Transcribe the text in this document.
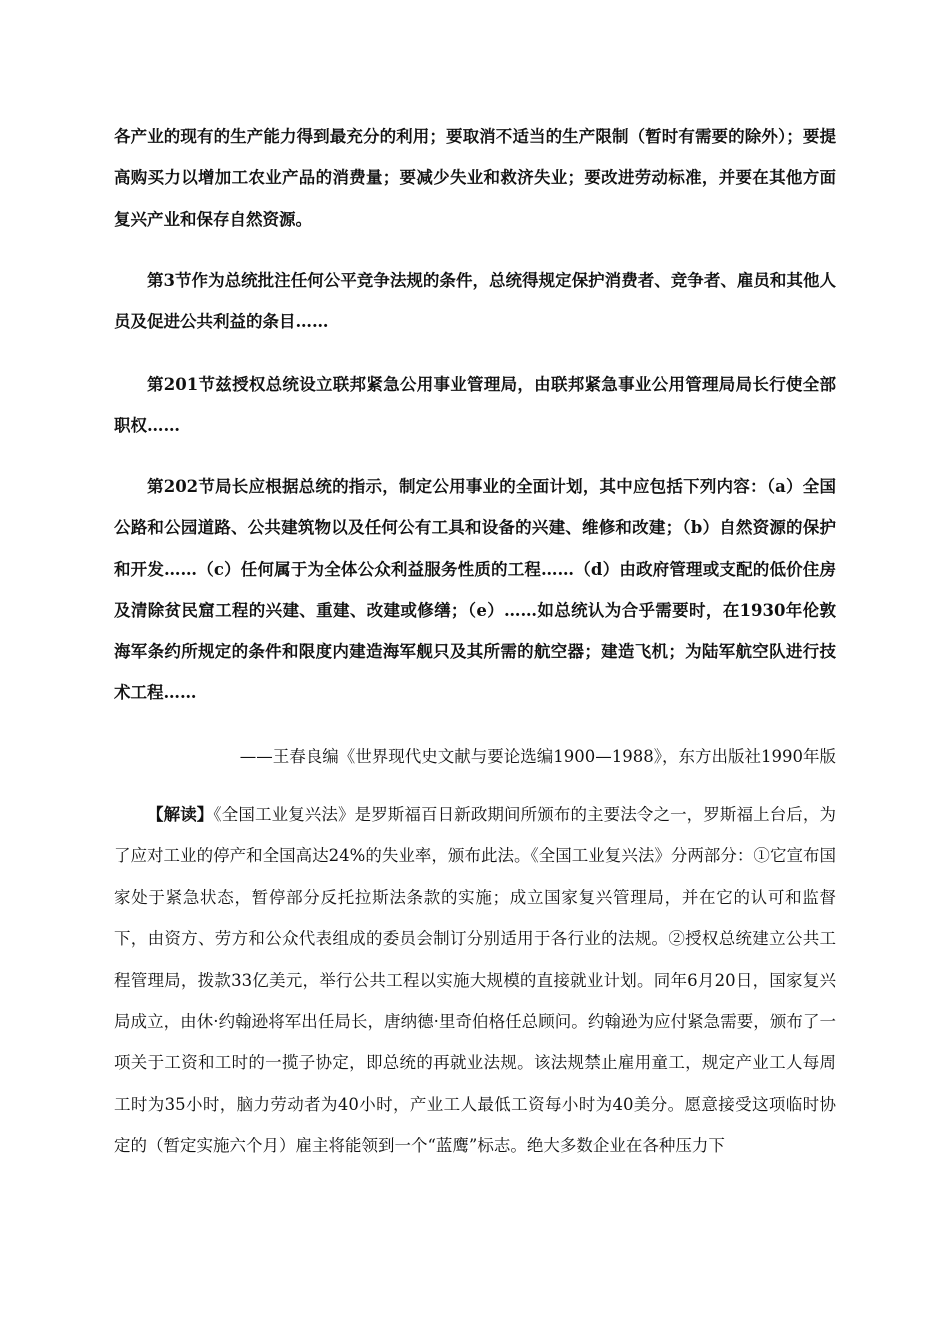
各产业的现有的生产能力得到最充分的利用；要取消不适当的生产限制（暂时有需要的除外）；要提高购买力以增加工农业产品的消费量；要减少失业和救济失业；要改进劳动标准，并要在其他方面复兴产业和保存自然资源。

第3节作为总统批注任何公平竞争法规的条件，总统得规定保护消费者、竞争者、雇员和其他人员及促进公共利益的条目……

第201节兹授权总统设立联邦紧急公用事业管理局，由联邦紧急事业公用管理局局长行使全部职权……

第202节局长应根据总统的指示，制定公用事业的全面计划，其中应包括下列内容：（a）全国公路和公园道路、公共建筑物以及任何公有工具和设备的兴建、维修和改建；（b）自然资源的保护和开发……（c）任何属于为全体公众利益服务性质的工程……（d）由政府管理或支配的低价住房及清除贫民窟工程的兴建、重建、改建或修缮；（e）……如总统认为合乎需要时，在1930年伦敦海军条约所规定的条件和限度内建造海军舰只及其所需的航空器；建造飞机；为陆军航空队进行技术工程……

——王春良编《世界现代史文献与要论选编1900—1988》，东方出版社1990年版

【解读】《全国工业复兴法》是罗斯福百日新政期间所颁布的主要法令之一，罗斯福上台后，为了应对工业的停产和全国高达24%的失业率，颁布此法。《全国工业复兴法》分两部分：①它宣布国家处于紧急状态，暂停部分反托拉斯法条款的实施；成立国家复兴管理局，并在它的认可和监督下，由资方、劳方和公众代表组成的委员会制订分别适用于各行业的法规。②授权总统建立公共工程管理局，拨款33亿美元，举行公共工程以实施大规模的直接就业计划。同年6月20日，国家复兴局成立，由休·约翰逊将军出任局长，唐纳德·里奇伯格任总顾问。约翰逊为应付紧急需要，颁布了一项关于工资和工时的一揽子协定，即总统的再就业法规。该法规禁止雇用童工，规定产业工人每周工时为35小时，脑力劳动者为40小时，产业工人最低工资每小时为40美分。愿意接受这项临时协定的（暂定实施六个月）雇主将能领到一个“蓝鹰”标志。绝大多数企业在各种压力下
